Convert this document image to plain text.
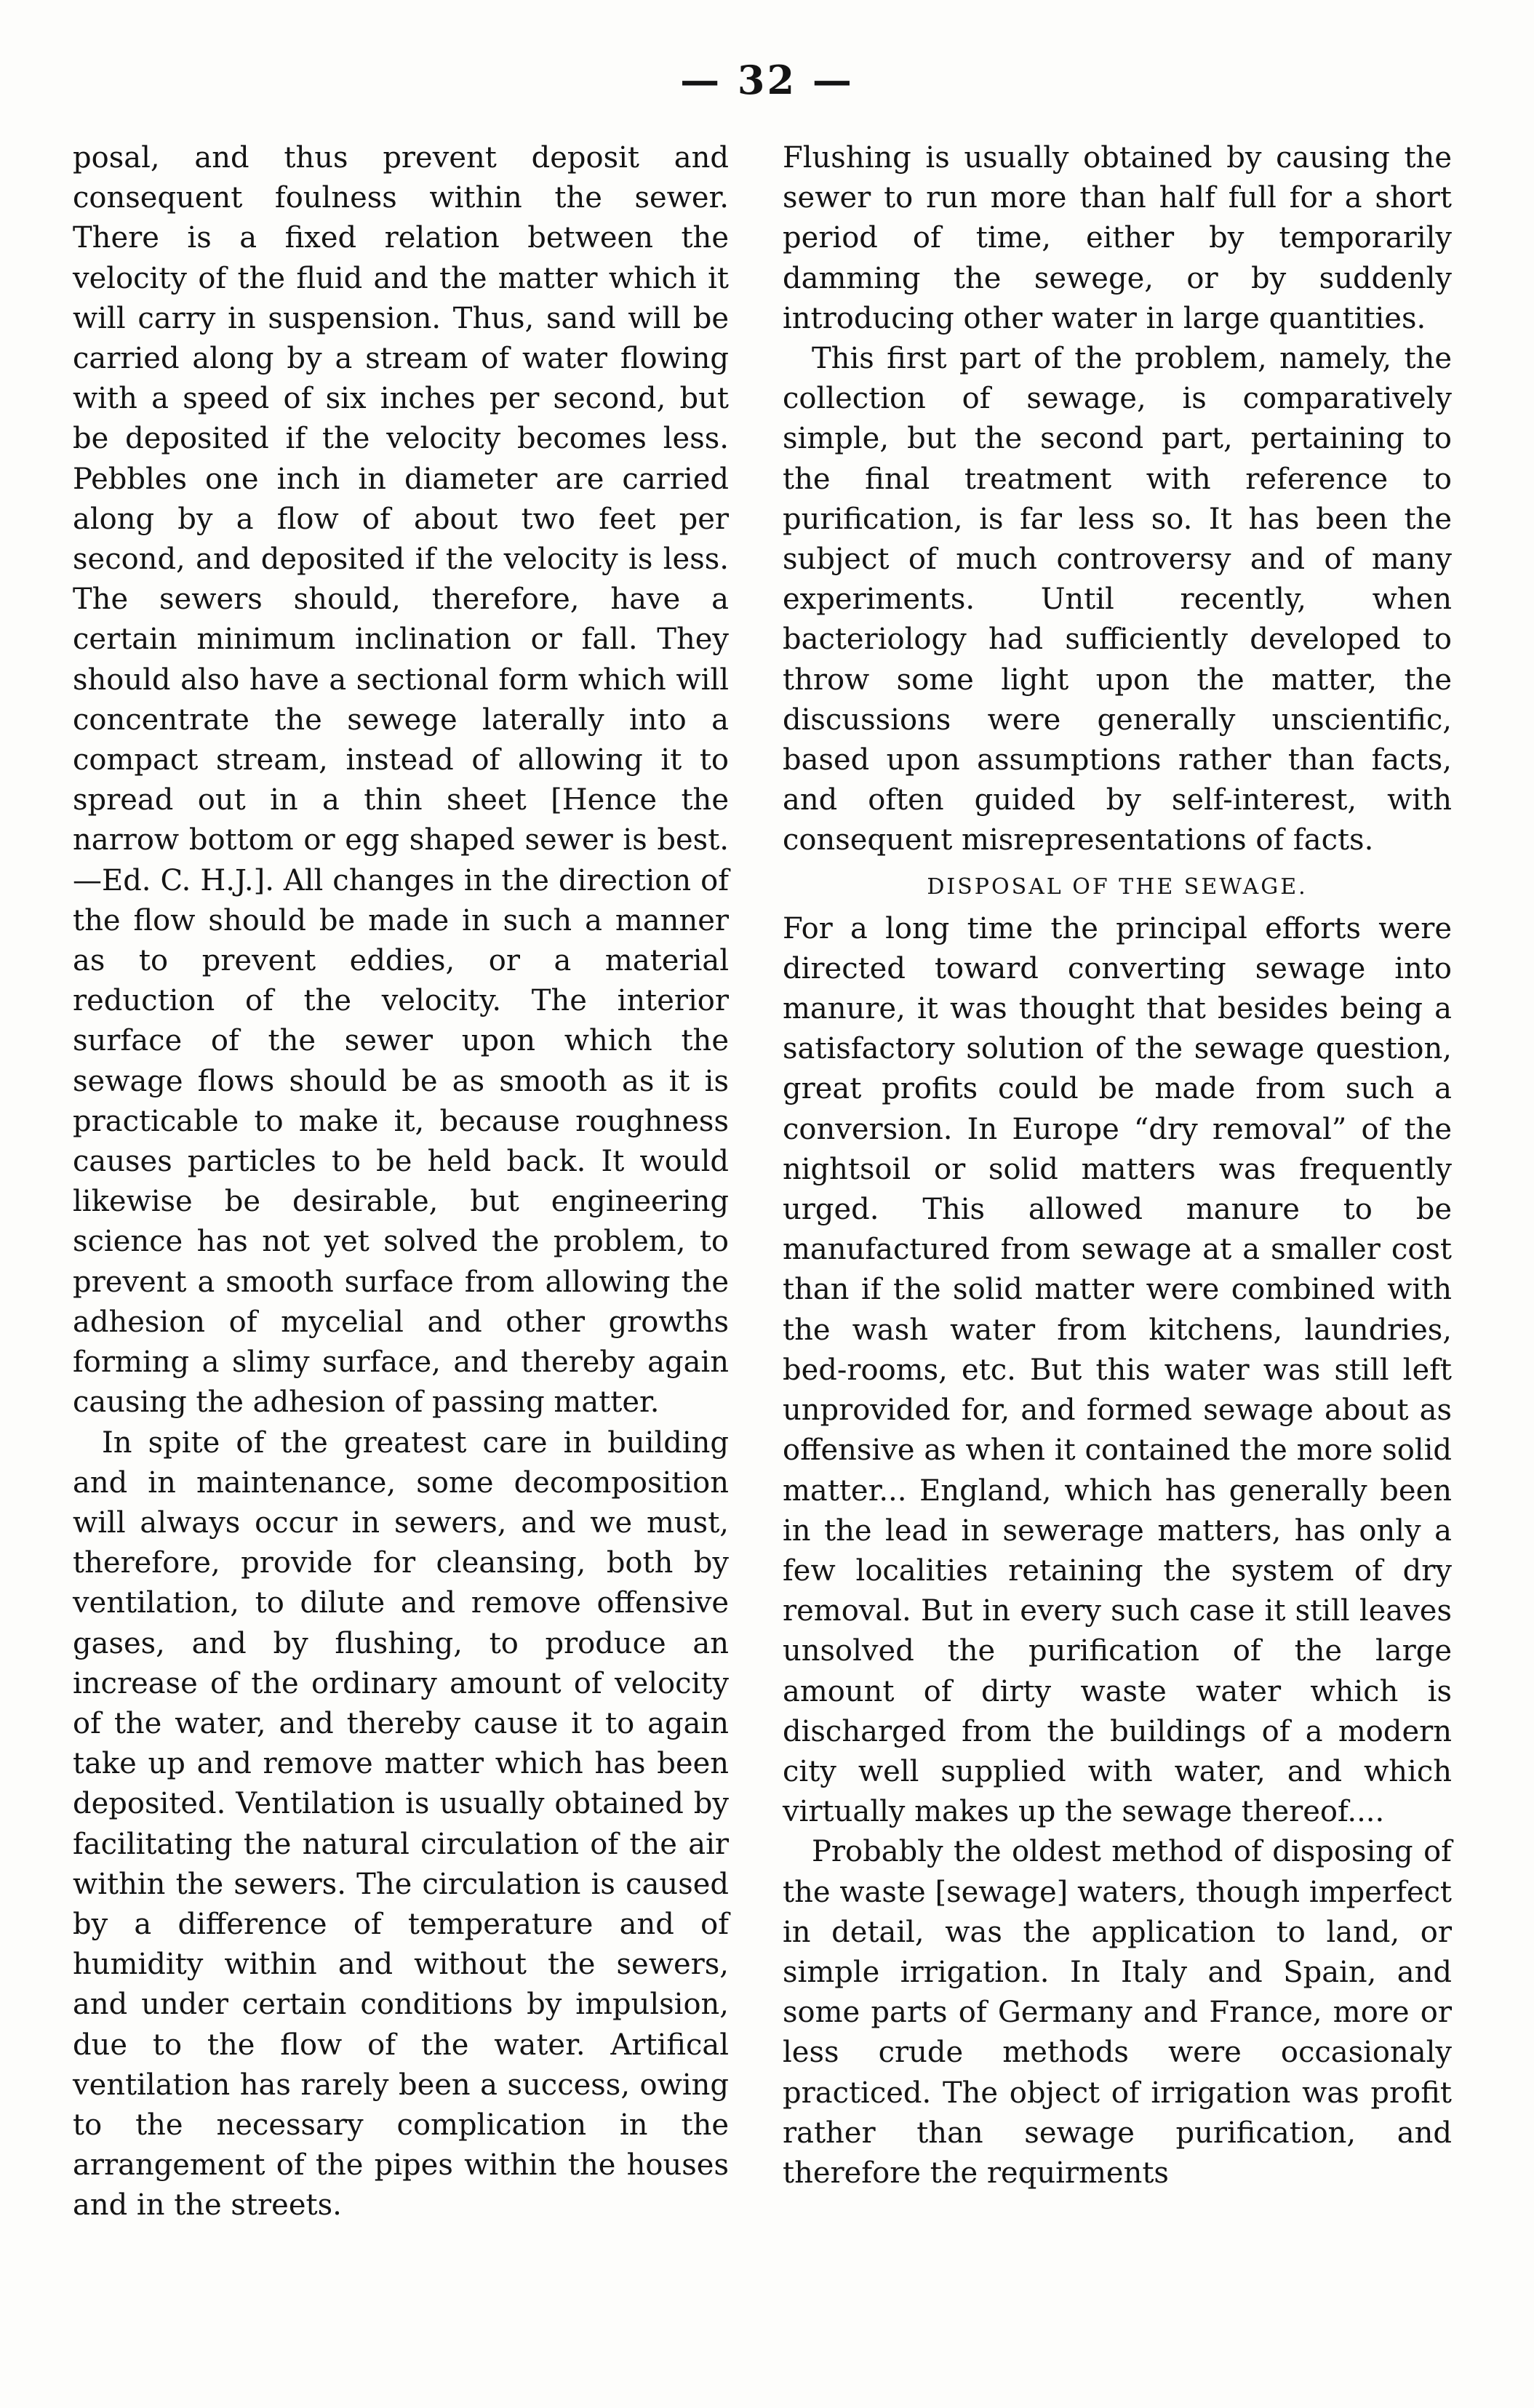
— 32 —

posal, and thus prevent deposit and consequent foulness within the sewer. There is a fixed relation between the velocity of the fluid and the matter which it will carry in suspension. Thus, sand will be carried along by a stream of water flowing with a speed of six inches per second, but be deposited if the velocity becomes less. Pebbles one inch in diameter are carried along by a flow of about two feet per second, and deposited if the velocity is less. The sewers should, therefore, have a certain minimum inclination or fall. They should also have a sectional form which will concentrate the sewege laterally into a compact stream, instead of allowing it to spread out in a thin sheet [Hence the narrow bottom or egg shaped sewer is best.—Ed. C. H.J.]. All changes in the direction of the flow should be made in such a manner as to prevent eddies, or a material reduction of the velocity. The interior surface of the sewer upon which the sewage flows should be as smooth as it is practicable to make it, because roughness causes particles to be held back. It would likewise be desirable, but engineering science has not yet solved the problem, to prevent a smooth surface from allowing the adhesion of mycelial and other growths forming a slimy surface, and thereby again causing the adhesion of passing matter.

In spite of the greatest care in building and in maintenance, some decomposition will always occur in sewers, and we must, therefore, provide for cleansing, both by ventilation, to dilute and remove offensive gases, and by flushing, to produce an increase of the ordinary amount of velocity of the water, and thereby cause it to again take up and remove matter which has been deposited. Ventilation is usually obtained by facilitating the natural circulation of the air within the sewers. The circulation is caused by a difference of temperature and of humidity within and without the sewers, and under certain conditions by impulsion, due to the flow of the water. Artifical ventilation has rarely been a success, owing to the necessary complication in the arrangement of the pipes within the houses and in the streets.

Flushing is usually obtained by causing the sewer to run more than half full for a short period of time, either by temporarily damming the sewege, or by suddenly introducing other water in large quantities.

This first part of the problem, namely, the collection of sewage, is comparatively simple, but the second part, pertaining to the final treatment with reference to purification, is far less so. It has been the subject of much controversy and of many experiments. Until recently, when bacteriology had sufficiently developed to throw some light upon the matter, the discussions were generally unscientific, based upon assumptions rather than facts, and often guided by self-interest, with consequent misrepresentations of facts.

DISPOSAL OF THE SEWAGE.

For a long time the principal efforts were directed toward converting sewage into manure, it was thought that besides being a satisfactory solution of the sewage question, great profits could be made from such a conversion. In Europe “dry removal” of the nightsoil or solid matters was frequently urged. This allowed manure to be manufactured from sewage at a smaller cost than if the solid matter were combined with the wash water from kitchens, laundries, bed-rooms, etc. But this water was still left unprovided for, and formed sewage about as offensive as when it contained the more solid matter... England, which has generally been in the lead in sewerage matters, has only a few localities retaining the system of dry removal. But in every such case it still leaves unsolved the purification of the large amount of dirty waste water which is discharged from the buildings of a modern city well supplied with water, and which virtually makes up the sewage thereof....

Probably the oldest method of disposing of the waste [sewage] waters, though imperfect in detail, was the application to land, or simple irrigation. In Italy and Spain, and some parts of Germany and France, more or less crude methods were occasionaly practiced. The object of irrigation was profit rather than sewage purification, and therefore the requirments
